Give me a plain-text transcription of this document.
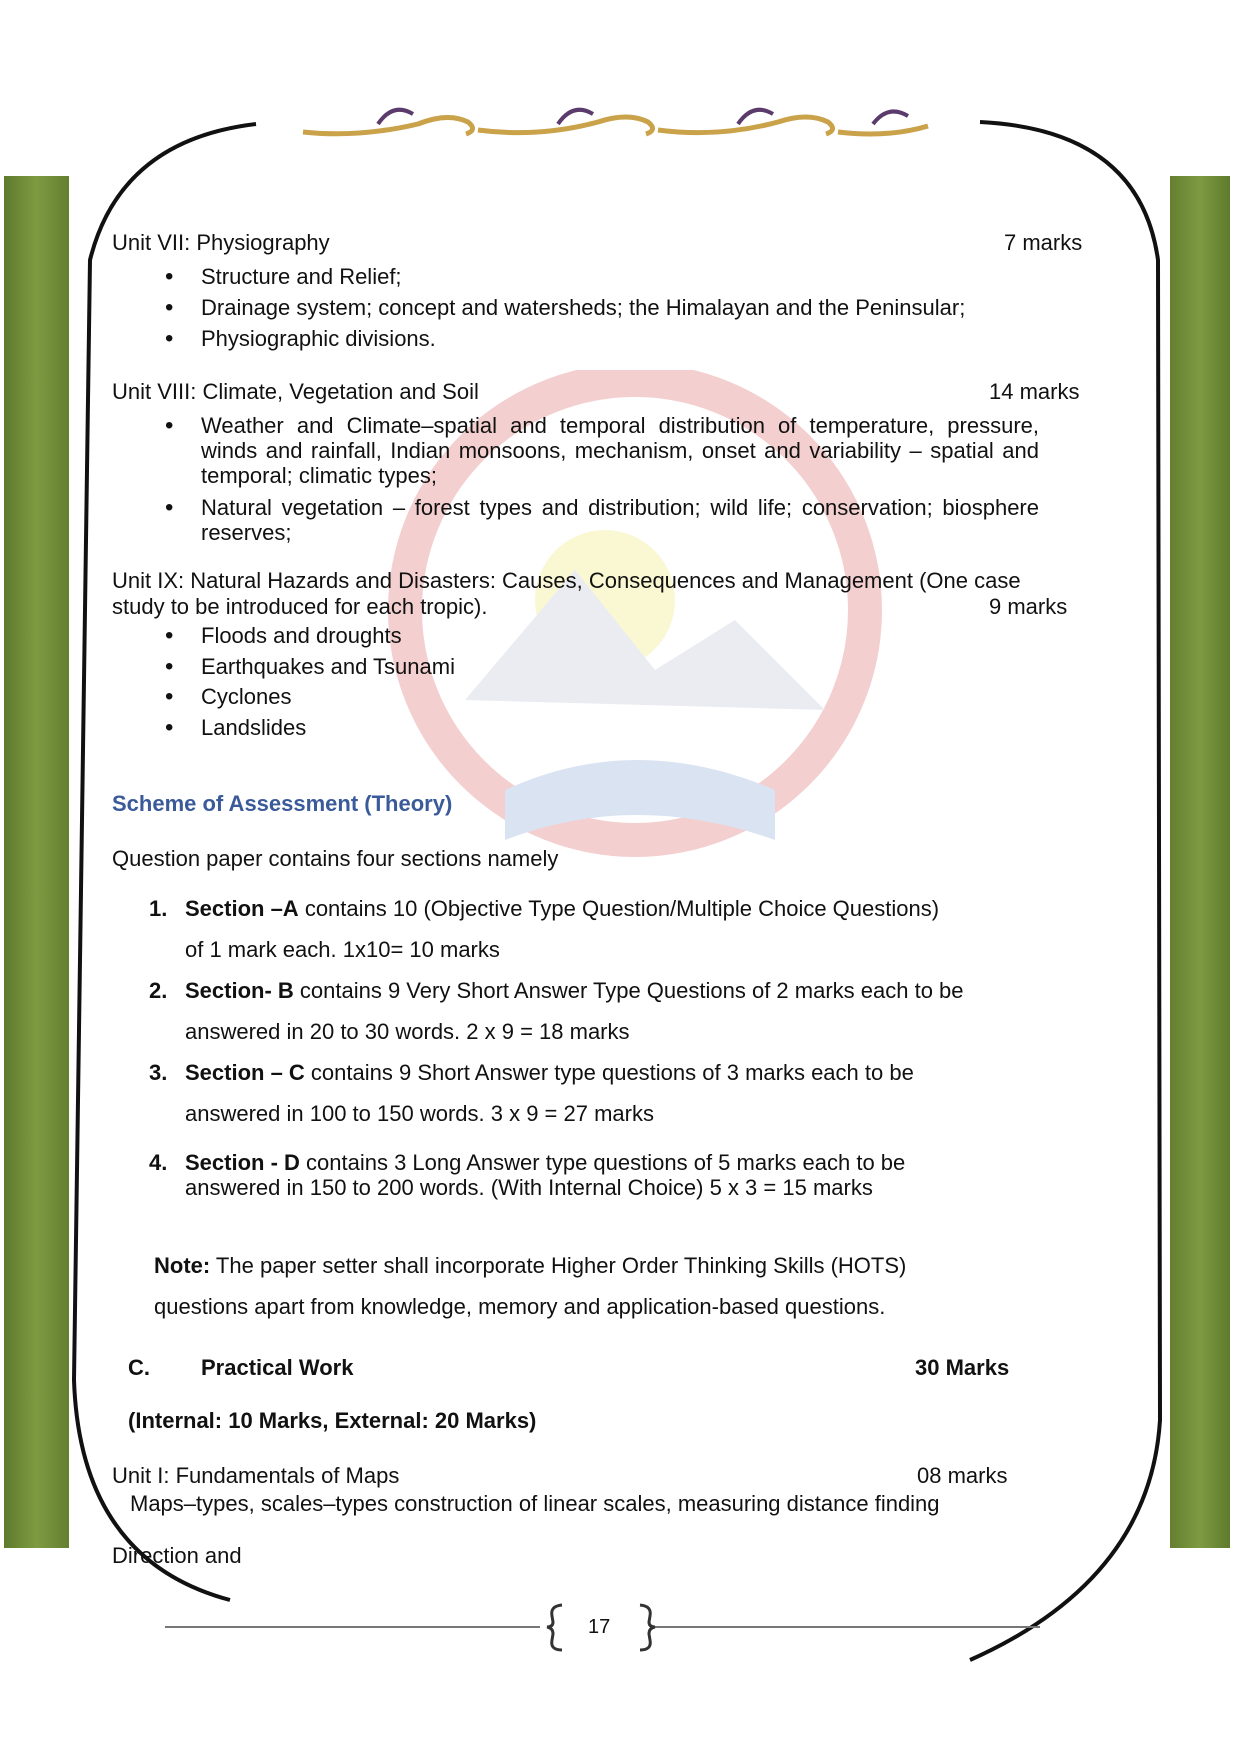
Unit VII: Physiography	7 marks
• Structure and Relief;
• Drainage system; concept and watersheds; the Himalayan and the Peninsular;
• Physiographic divisions.
Unit VIII: Climate, Vegetation and Soil	14 marks
• Weather and Climate–spatial and temporal distribution of temperature, pressure, winds and rainfall, Indian monsoons, mechanism, onset and variability – spatial and temporal; climatic types;
• Natural vegetation – forest types and distribution; wild life; conservation; biosphere reserves;
Unit IX: Natural Hazards and Disasters: Causes, Consequences and Management (One case
study to be introduced for each tropic).	9 marks
• Floods and droughts
• Earthquakes and Tsunami
• Cyclones
• Landslides
Scheme of Assessment (Theory)
Question paper contains four sections namely
1. Section –A contains 10 (Objective Type Question/Multiple Choice Questions)
of 1 mark each. 1x10= 10 marks
2. Section- B contains 9 Very Short Answer Type Questions of 2 marks each to be
answered in 20 to 30 words. 2 x 9 = 18 marks
3. Section – C contains 9 Short Answer type questions of 3 marks each to be
answered in 100 to 150 words. 3 x 9 = 27 marks
4. Section - D contains 3 Long Answer type questions of 5 marks each to be
answered in 150 to 200 words. (With Internal Choice) 5 x 3 = 15 marks
Note: The paper setter shall incorporate Higher Order Thinking Skills (HOTS)
questions apart from knowledge, memory and application-based questions.
C. Practical Work	30 Marks
(Internal: 10 Marks, External: 20 Marks)
Unit I: Fundamentals of Maps	08 marks
Maps–types, scales–types construction of linear scales, measuring distance finding
Direction and
17
